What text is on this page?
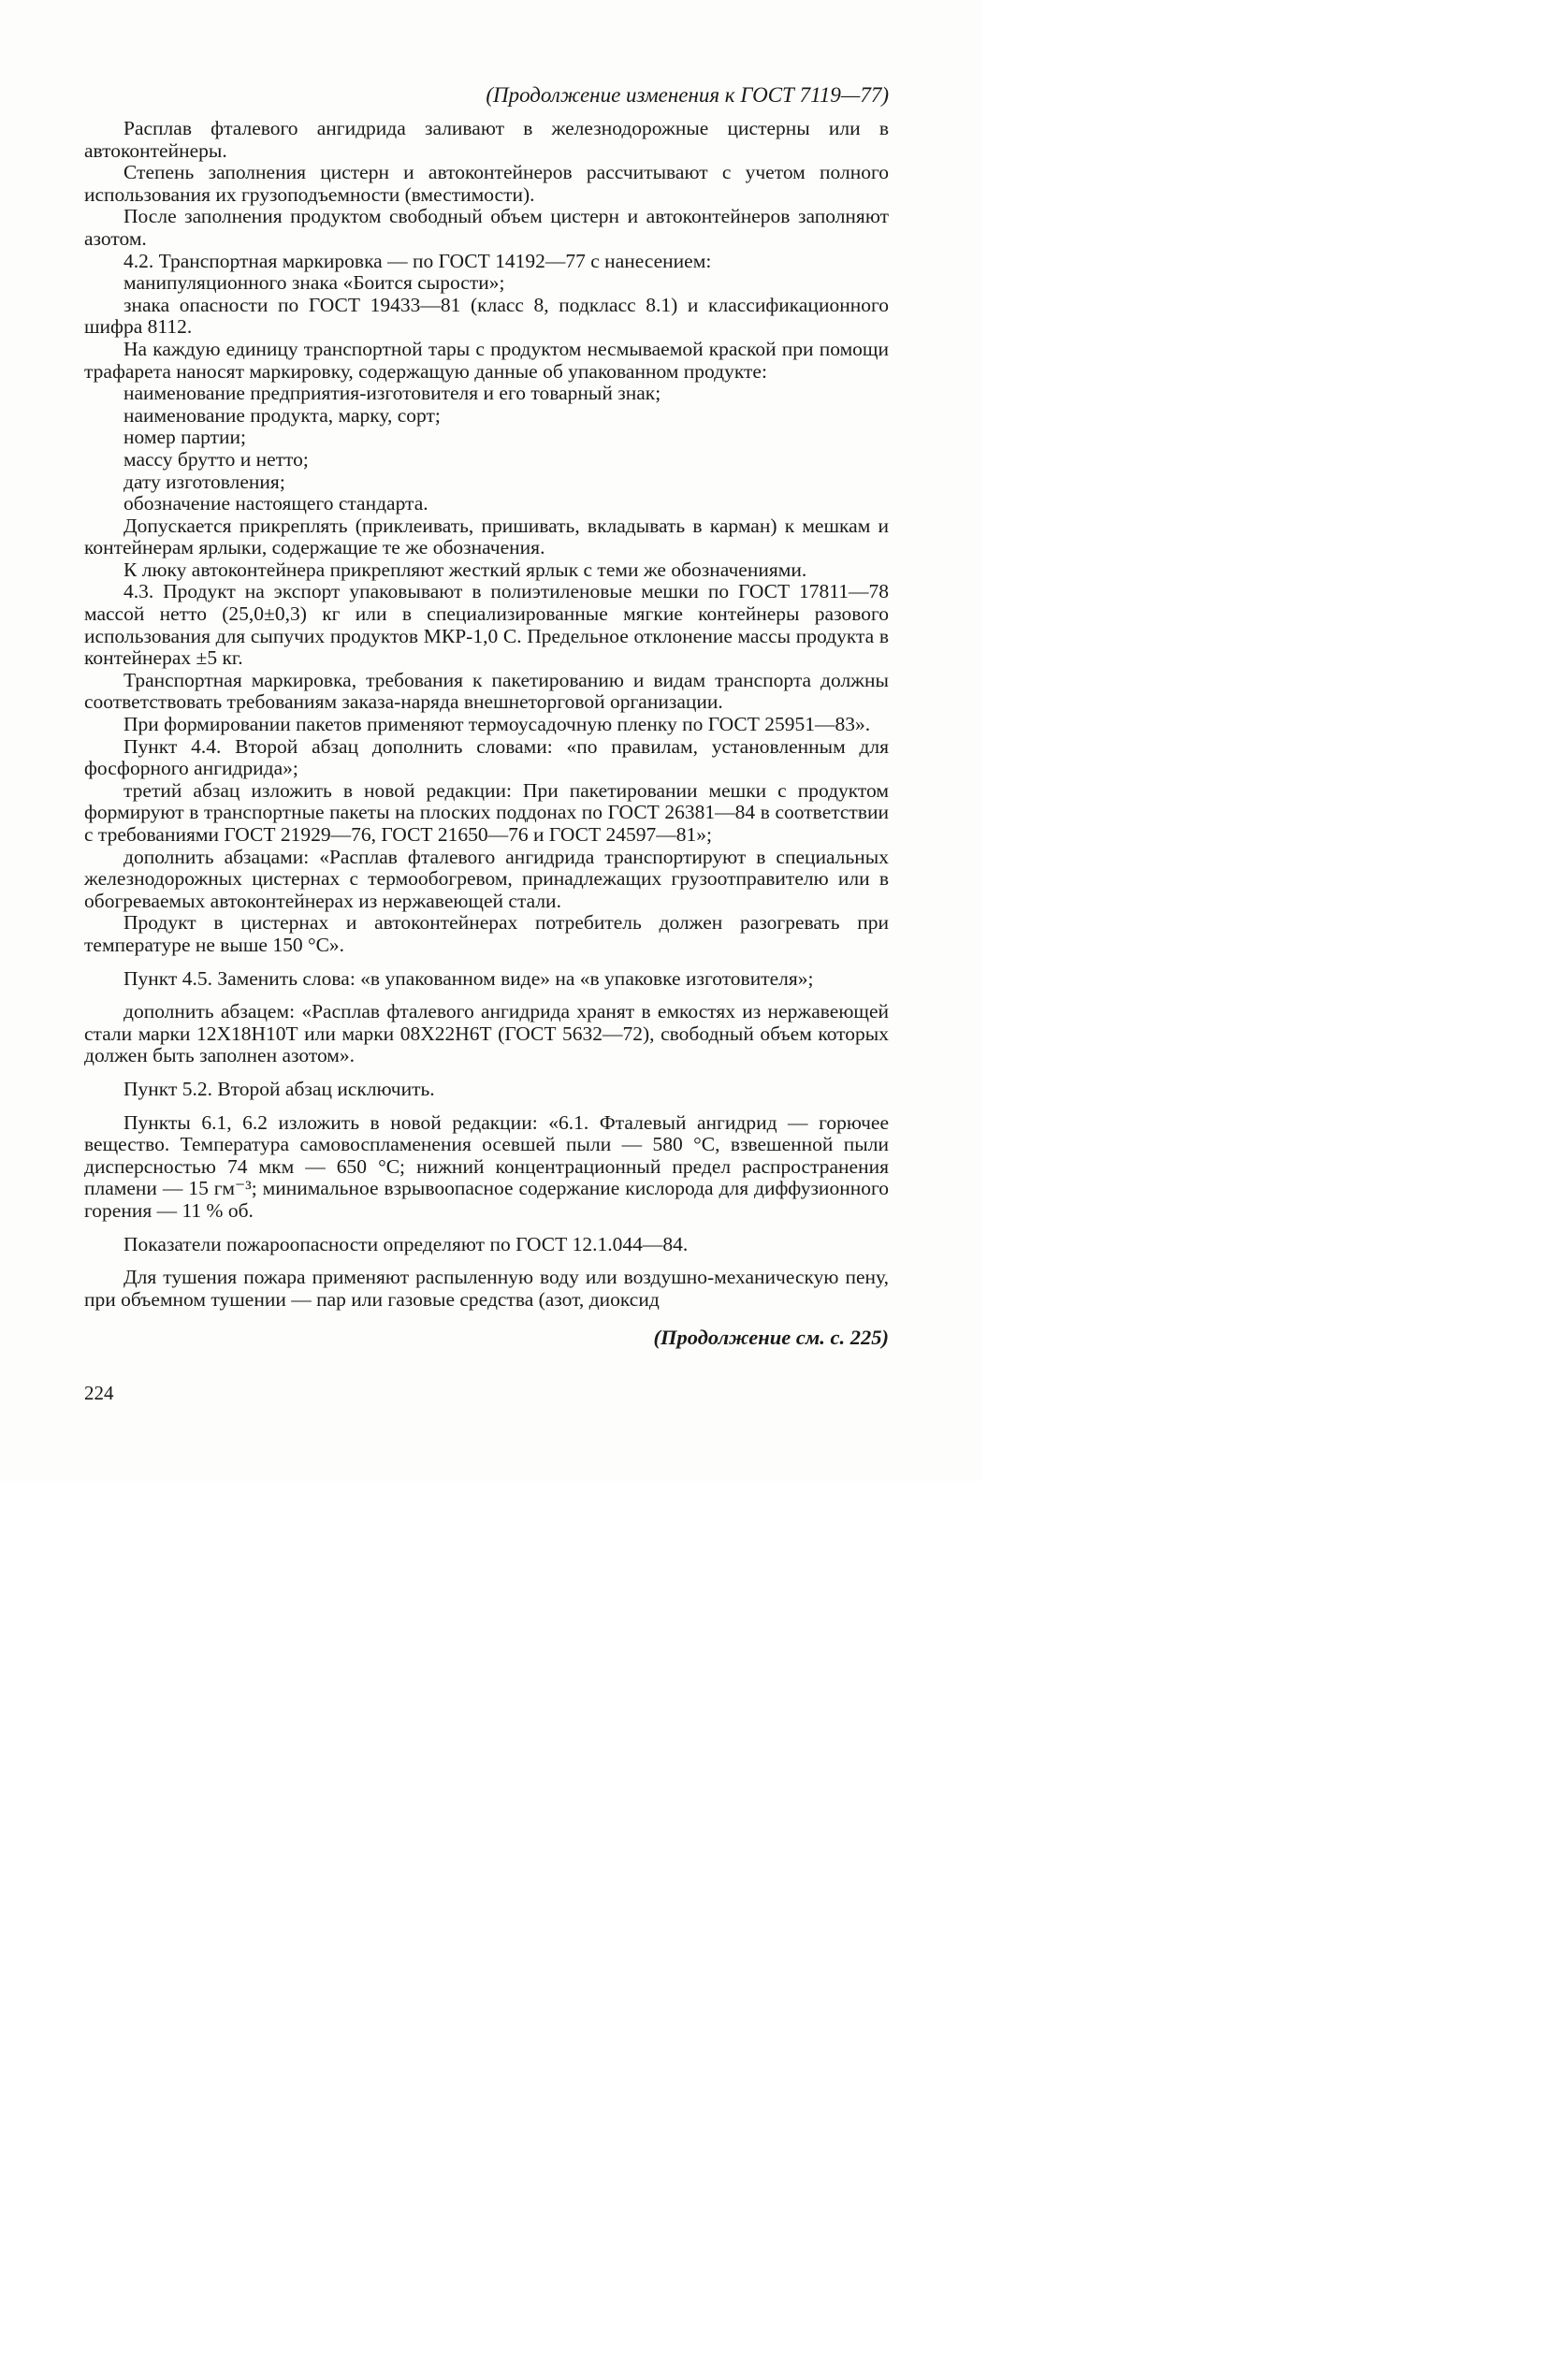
(Продолжение изменения к ГОСТ 7119—77)

Расплав фталевого ангидрида заливают в железнодорожные цистерны или в автоконтейнеры.

Степень заполнения цистерн и автоконтейнеров рассчитывают с учетом полного использования их грузоподъемности (вместимости).

После заполнения продуктом свободный объем цистерн и автоконтейнеров заполняют азотом.

4.2. Транспортная маркировка — по ГОСТ 14192—77 с нанесением:

манипуляционного знака «Боится сырости»;

знака опасности по ГОСТ 19433—81 (класс 8, подкласс 8.1) и классификационного шифра 8112.

На каждую единицу транспортной тары с продуктом несмываемой краской при помощи трафарета наносят маркировку, содержащую данные об упакованном продукте:

наименование предприятия-изготовителя и его товарный знак;

наименование продукта, марку, сорт;

номер партии;

массу брутто и нетто;

дату изготовления;

обозначение настоящего стандарта.

Допускается прикреплять (приклеивать, пришивать, вкладывать в карман) к мешкам и контейнерам ярлыки, содержащие те же обозначения.

К люку автоконтейнера прикрепляют жесткий ярлык с теми же обозначениями.

4.3. Продукт на экспорт упаковывают в полиэтиленовые мешки по ГОСТ 17811—78 массой нетто (25,0±0,3) кг или в специализированные мягкие контейнеры разового использования для сыпучих продуктов МКР-1,0 С. Предельное отклонение массы продукта в контейнерах ±5 кг.

Транспортная маркировка, требования к пакетированию и видам транспорта должны соответствовать требованиям заказа-наряда внешнеторговой организации.

При формировании пакетов применяют термоусадочную пленку по ГОСТ 25951—83».

Пункт 4.4. Второй абзац дополнить словами: «по правилам, установленным для фосфорного ангидрида»;

третий абзац изложить в новой редакции: При пакетировании мешки с продуктом формируют в транспортные пакеты на плоских поддонах по ГОСТ 26381—84 в соответствии с требованиями ГОСТ 21929—76, ГОСТ 21650—76 и ГОСТ 24597—81»;

дополнить абзацами: «Расплав фталевого ангидрида транспортируют в специальных железнодорожных цистернах с термообогревом, принадлежащих грузоотправителю или в обогреваемых автоконтейнерах из нержавеющей стали.

Продукт в цистернах и автоконтейнерах потребитель должен разогревать при температуре не выше 150 °С».

Пункт 4.5. Заменить слова: «в упакованном виде» на «в упаковке изготовителя»;

дополнить абзацем: «Расплав фталевого ангидрида хранят в емкостях из нержавеющей стали марки 12Х18Н10Т или марки 08Х22Н6Т (ГОСТ 5632—72), свободный объем которых должен быть заполнен азотом».

Пункт 5.2. Второй абзац исключить.

Пункты 6.1, 6.2 изложить в новой редакции: «6.1. Фталевый ангидрид — горючее вещество. Температура самовоспламенения осевшей пыли — 580 °С, взвешенной пыли дисперсностью 74 мкм — 650 °С; нижний концентрационный предел распространения пламени — 15 гм⁻³; минимальное взрывоопасное содержание кислорода для диффузионного горения — 11 % об.

Показатели пожароопасности определяют по ГОСТ 12.1.044—84.

Для тушения пожара применяют распыленную воду или воздушно-механическую пену, при объемном тушении — пар или газовые средства (азот, диоксид

(Продолжение см. с. 225)
224
